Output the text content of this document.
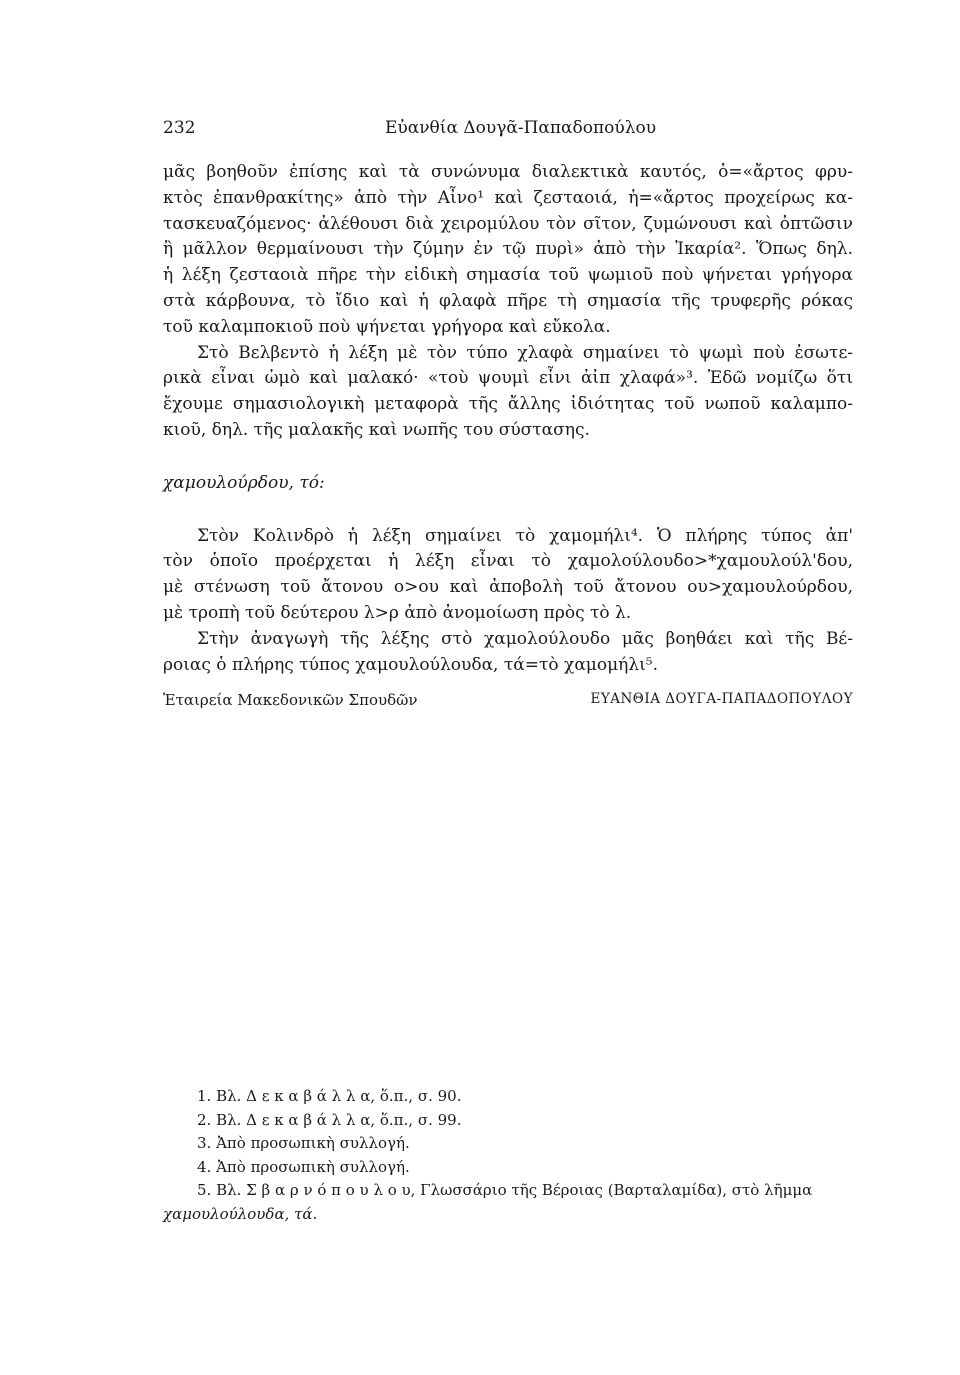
232	Εὐανθία Δουγᾶ-Παπαδοπούλου

μᾶς βοηθοῦν ἐπίσης καὶ τὰ συνώνυμα διαλεκτικὰ καυτός, ὁ=«ἄρτος φρυ-

κτὸς ἐπανθρακίτης» ἀπὸ τὴν Αἶνο¹ καὶ ζεσταοιά, ἡ=«ἄρτος προχείρως κα-

τασκευαζόμενος· ἀλέθουσι διὰ χειρομύλου τὸν σῖτον, ζυμώνουσι καὶ ὀπτῶσιν

ἢ μᾶλλον θερμαίνουσι τὴν ζύμην ἐν τῷ πυρὶ» ἀπὸ τὴν Ἰκαρία². Ὅπως δηλ.

ἡ λέξη ζεσταοιὰ πῆρε τὴν εἰδικὴ σημασία τοῦ ψωμιοῦ ποὺ ψήνεται γρήγορα

στὰ κάρβουνα, τὸ ἴδιο καὶ ἡ φλαφὰ πῆρε τὴ σημασία τῆς τρυφερῆς ρόκας

τοῦ καλαμποκιοῦ ποὺ ψήνεται γρήγορα καὶ εὔκολα.

Στὸ Βελβεντὸ ἡ λέξη μὲ τὸν τύπο χλαφὰ σημαίνει τὸ ψωμὶ ποὺ ἐσωτε-

ρικὰ εἶναι ὠμὸ καὶ μαλακό· «τοὺ ψουμὶ εἶνι ἀἰπ χλαφά»³. Ἐδῶ νομίζω ὅτι

ἔχουμε σημασιολογικὴ μεταφορὰ τῆς ἄλλης ἰδιότητας τοῦ νωποῦ καλαμπο-

κιοῦ, δηλ. τῆς μαλακῆς καὶ νωπῆς του σύστασης.

χαμουλούρδου, τό:

Στὸν Κολινδρὸ ἡ λέξη σημαίνει τὸ χαμομήλι⁴. Ὁ πλήρης τύπος ἀπ'

τὸν ὁποῖο προέρχεται ἡ λέξη εἶναι τὸ χαμολούλουδο>*χαμουλούλ'δου,

μὲ στένωση τοῦ ἄτονου ο>ου καὶ ἀποβολὴ τοῦ ἄτονου ου>χαμουλούρδου,

μὲ τροπὴ τοῦ δεύτερου λ>ρ ἀπὸ ἀνομοίωση πρὸς τὸ λ.

Στὴν ἀναγωγὴ τῆς λέξης στὸ χαμολούλουδο μᾶς βοηθάει καὶ τῆς Βέ-

ροιας ὁ πλήρης τύπος χαμουλούλουδα, τά=τὸ χαμομήλι⁵.

Ἑταιρεία Μακεδονικῶν Σπουδῶν	ΕΥΑΝΘΙΑ ΔΟΥΓΑ-ΠΑΠΑΔΟΠΟΥΛΟΥ

1. Βλ. Δ ε κ α β ά λ λ α, ὅ.π., σ. 90.

2. Βλ. Δ ε κ α β ά λ λ α, ὅ.π., σ. 99.

3. Ἀπὸ προσωπικὴ συλλογή.

4. Ἀπὸ προσωπικὴ συλλογή.

5. Βλ. Σ β α ρ ν ό π ο υ λ ο υ, Γλωσσάριο τῆς Βέροιας (Βαρταλαμίδα), στὸ λῆμμα

χαμουλούλουδα, τά.
